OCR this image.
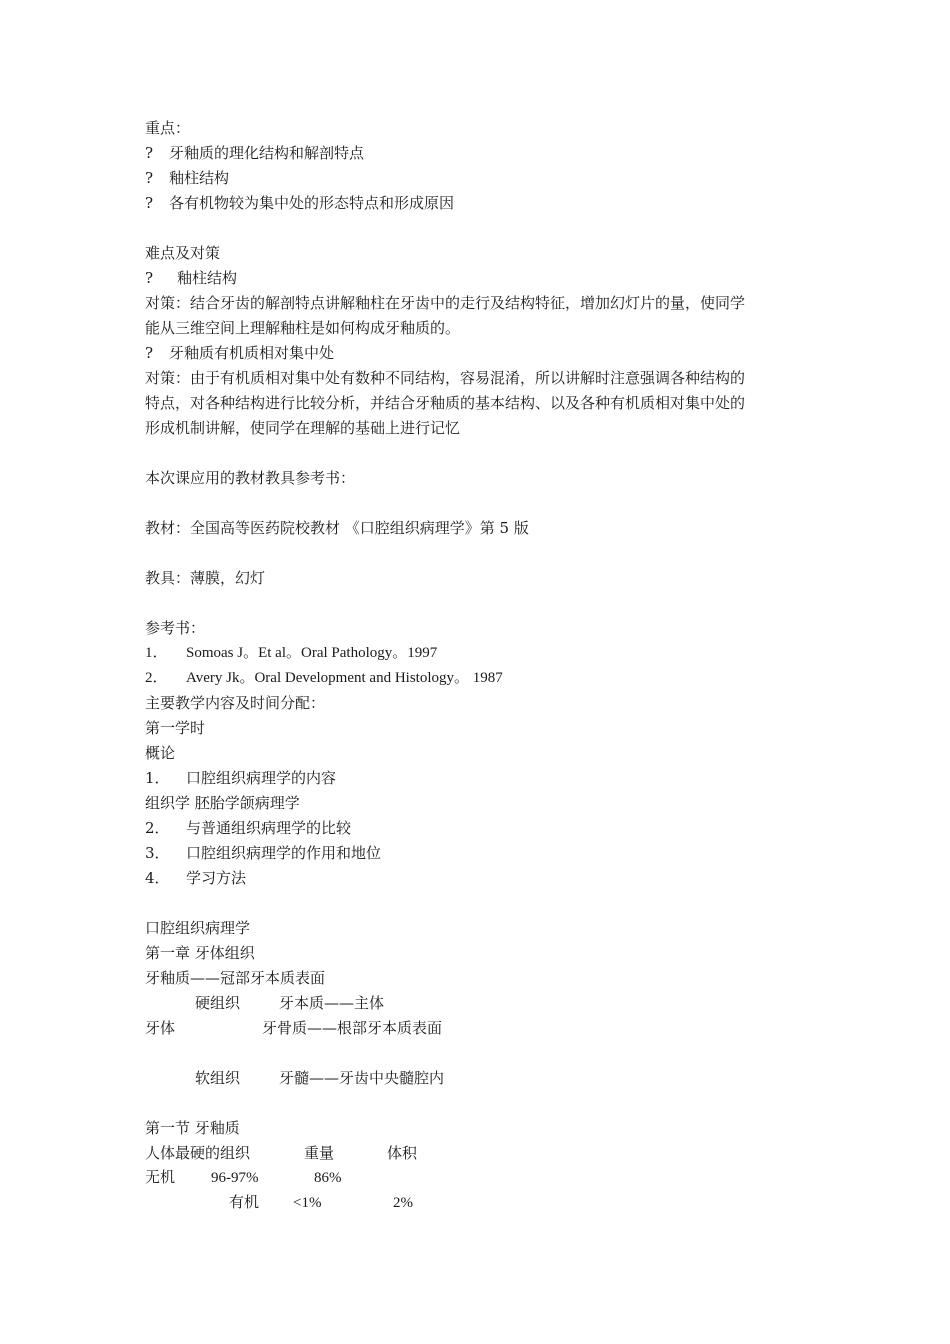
重点：
? 牙釉质的理化结构和解剖特点
? 釉柱结构
? 各有机物较为集中处的形态特点和形成原因
难点及对策
? 釉柱结构
对策：结合牙齿的解剖特点讲解釉柱在牙齿中的走行及结构特征，增加幻灯片的量，使同学
能从三维空间上理解釉柱是如何构成牙釉质的。
? 牙釉质有机质相对集中处
对策：由于有机质相对集中处有数种不同结构，容易混淆，所以讲解时注意强调各种结构的
特点，对各种结构进行比较分析，并结合牙釉质的基本结构、以及各种有机质相对集中处的
形成机制讲解，使同学在理解的基础上进行记忆
本次课应用的教材教具参考书：
教材：全国高等医药院校教材 《口腔组织病理学》第 5 版
教具：薄膜，幻灯
参考书：
1． Somoas J。Et al。Oral Pathology。1997
2． Avery Jk。Oral Development and Histology。 1987
主要教学内容及时间分配：
第一学时
概论
1． 口腔组织病理学的内容
组织学 胚胎学颌病理学
2． 与普通组织病理学的比较
3． 口腔组织病理学的作用和地位
4． 学习方法
口腔组织病理学
第一章 牙体组织
牙釉质——冠部牙本质表面
硬组织	牙本质——主体
牙体	牙骨质——根部牙本质表面
软组织	牙髓——牙齿中央髓腔内
第一节 牙釉质
人体最硬的组织	重量	体积
无机 96-97%	86%
有机 <1%	2%
